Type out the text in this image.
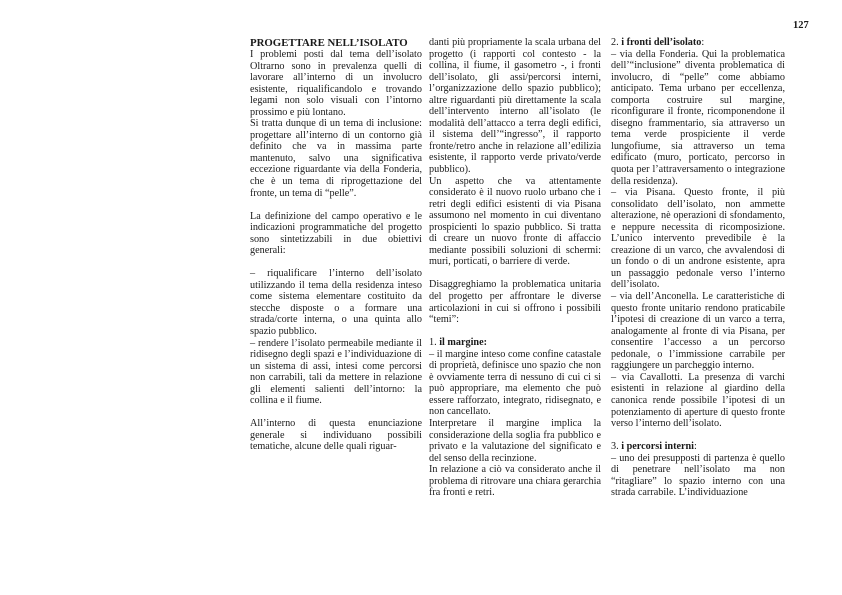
127

PROGETTARE NELL’ISOLATO

I problemi posti dal tema dell’isolato Oltrarno sono in prevalenza quelli di lavorare all’interno di un involucro esistente, riqualificandolo e trovando legami non solo visuali con l’intorno prossimo e più lontano.

Si tratta dunque di un tema di inclusione: progettare all’interno di un contorno già definito che va in massima parte mantenuto, salvo una significativa eccezione riguardante via della Fonderia, che è un tema di riprogettazione del fronte, un tema di “pelle”.

La definizione del campo operativo e le indicazioni programmatiche del progetto sono sintetizzabili in due obiettivi generali:

– riqualificare l’interno dell’isolato utilizzando il tema della residenza inteso come sistema elementare costituito da stecche disposte o a formare una strada/corte interna, o una quinta allo spazio pubblico.

– rendere l’isolato permeabile mediante il ridisegno degli spazi e l’individuazione di un sistema di assi, intesi come percorsi non carrabili, tali da mettere in relazione gli elementi salienti dell’intorno: la collina e il fiume.

All’interno di questa enunciazione generale si individuano possibili tematiche, alcune delle quali riguar-

danti più propriamente la scala urbana del progetto (i rapporti col contesto - la collina, il fiume, il gasometro -, i fronti dell’isolato, gli assi/percorsi interni, l’organizzazione dello spazio pubblico); altre riguardanti più direttamente la scala dell’intervento interno all’isolato (le modalità dell’attacco a terra degli edifici, il sistema dell’“ingresso”, il rapporto fronte/retro anche in relazione all’edilizia esistente, il rapporto verde privato/verde pubblico).

Un aspetto che va attentamente considerato è il nuovo ruolo urbano che i retri degli edifici esistenti di via Pisana assumono nel momento in cui diventano prospicienti lo spazio pubblico. Si tratta di creare un nuovo fronte di affaccio mediante possibili soluzioni di schermi: muri, porticati, o barriere di verde.

Disaggreghiamo la problematica unitaria del progetto per affrontare le diverse articolazioni in cui si offrono i possibili “temi”:

1. il margine:

– il margine inteso come confine catastale di proprietà, definisce uno spazio che non è ovviamente terra di nessuno di cui ci si può appropriare, ma elemento che può essere rafforzato, integrato, ridisegnato, e non cancellato.

Interpretare il margine implica la considerazione della soglia fra pubblico e privato e la valutazione del significato e del senso della recinzione.

In relazione a ciò va considerato anche il problema di ritrovare una chiara gerarchia fra fronti e retri.

2. i fronti dell’isolato:

– via della Fonderia. Qui la problematica dell’“inclusione” diventa problematica di involucro, di “pelle” come abbiamo anticipato. Tema urbano per eccellenza, comporta costruire sul margine, riconfigurare il fronte, ricomponendone il disegno frammentario, sia attraverso un tema verde prospiciente il verde lungofiume, sia attraverso un tema edificato (muro, porticato, percorso in quota per l’attraversamento o integrazione della residenza).

– via Pisana. Questo fronte, il più consolidato dell’isolato, non ammette alterazione, nè operazioni di sfondamento, e neppure necessita di ricomposizione. L’unico intervento prevedibile è la creazione di un varco, che avvalendosi di un fondo o di un androne esistente, apra un passaggio pedonale verso l’interno dell’isolato.

– via dell’Anconella. Le caratteristiche di questo fronte unitario rendono praticabile l’ipotesi di creazione di un varco a terra, analogamente al fronte di via Pisana, per consentire l’accesso a un percorso pedonale, o l’immissione carrabile per raggiungere un parcheggio interno.

– via Cavallotti. La presenza di varchi esistenti in relazione al giardino della canonica rende possibile l’ipotesi di un potenziamento di aperture di questo fronte verso l’interno dell’isolato.

3. i percorsi interni:

– uno dei presupposti di partenza è quello di penetrare nell’isolato ma non “ritagliare” lo spazio interno con una strada carrabile. L’individuazione
